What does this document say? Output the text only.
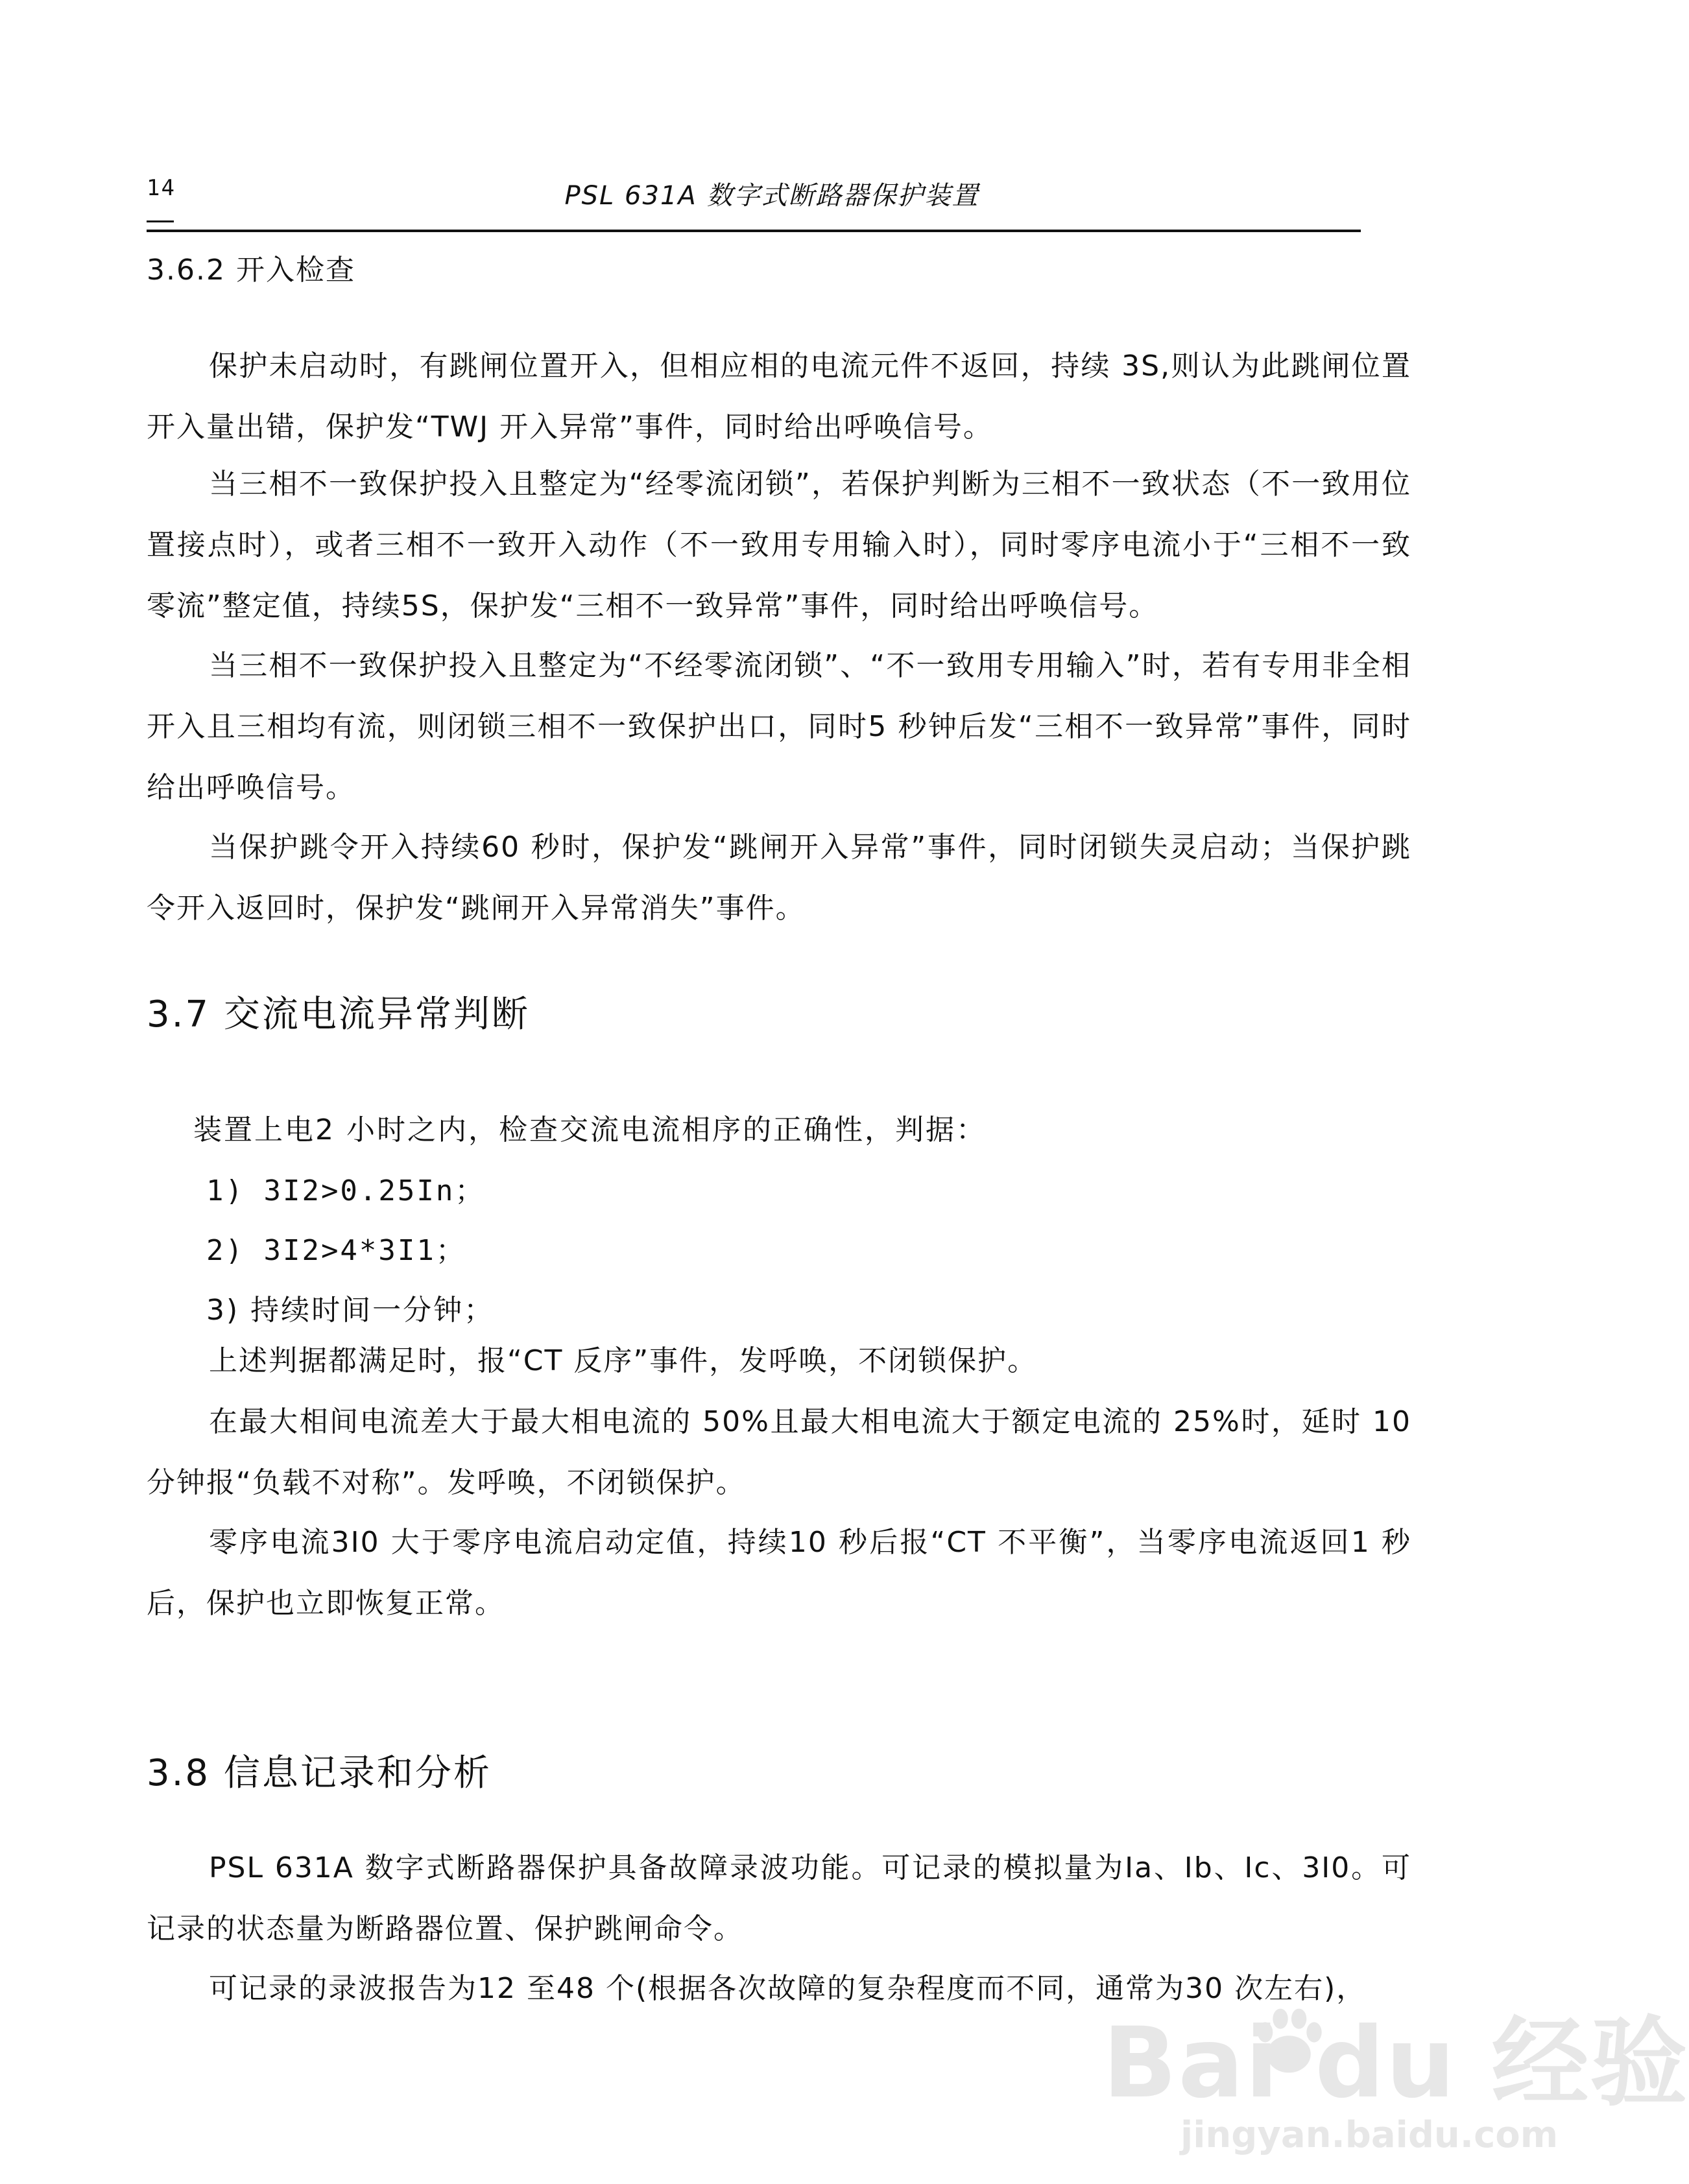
14	PSL 631A 数字式断路器保护装置
3.6.2 开入检查
保护未启动时，有跳闸位置开入，但相应相的电流元件不返回，持续 3S,则认为此跳闸位置开入量出错，保护发“TWJ 开入异常”事件，同时给出呼唤信号。
当三相不一致保护投入且整定为“经零流闭锁”，若保护判断为三相不一致状态（不一致用位置接点时），或者三相不一致开入动作（不一致用专用输入时），同时零序电流小于“三相不一致零流”整定值，持续5S，保护发“三相不一致异常”事件，同时给出呼唤信号。
当三相不一致保护投入且整定为“不经零流闭锁”、“不一致用专用输入”时，若有专用非全相开入且三相均有流，则闭锁三相不一致保护出口，同时5 秒钟后发“三相不一致异常”事件，同时给出呼唤信号。
当保护跳令开入持续60 秒时，保护发“跳闸开入异常”事件，同时闭锁失灵启动；当保护跳令开入返回时，保护发“跳闸开入异常消失”事件。
3.7 交流电流异常判断
装置上电2 小时之内，检查交流电流相序的正确性，判据：
1) 3I2>0.25In；
2) 3I2>4*3I1；
3) 持续时间一分钟；
上述判据都满足时，报“CT 反序”事件，发呼唤，不闭锁保护。
在最大相间电流差大于最大相电流的 50%且最大相电流大于额定电流的 25%时，延时 10 分钟报“负载不对称”。发呼唤，不闭锁保护。
零序电流3I0 大于零序电流启动定值，持续10 秒后报“CT 不平衡”，当零序电流返回1 秒后，保护也立即恢复正常。
3.8 信息记录和分析
PSL 631A 数字式断路器保护具备故障录波功能。可记录的模拟量为Ia、Ib、Ic、3I0。可记录的状态量为断路器位置、保护跳闸命令。
可记录的录波报告为12 至48 个(根据各次故障的复杂程度而不同，通常为30 次左右)，
Bai du 经验
jingyan.baidu.com
